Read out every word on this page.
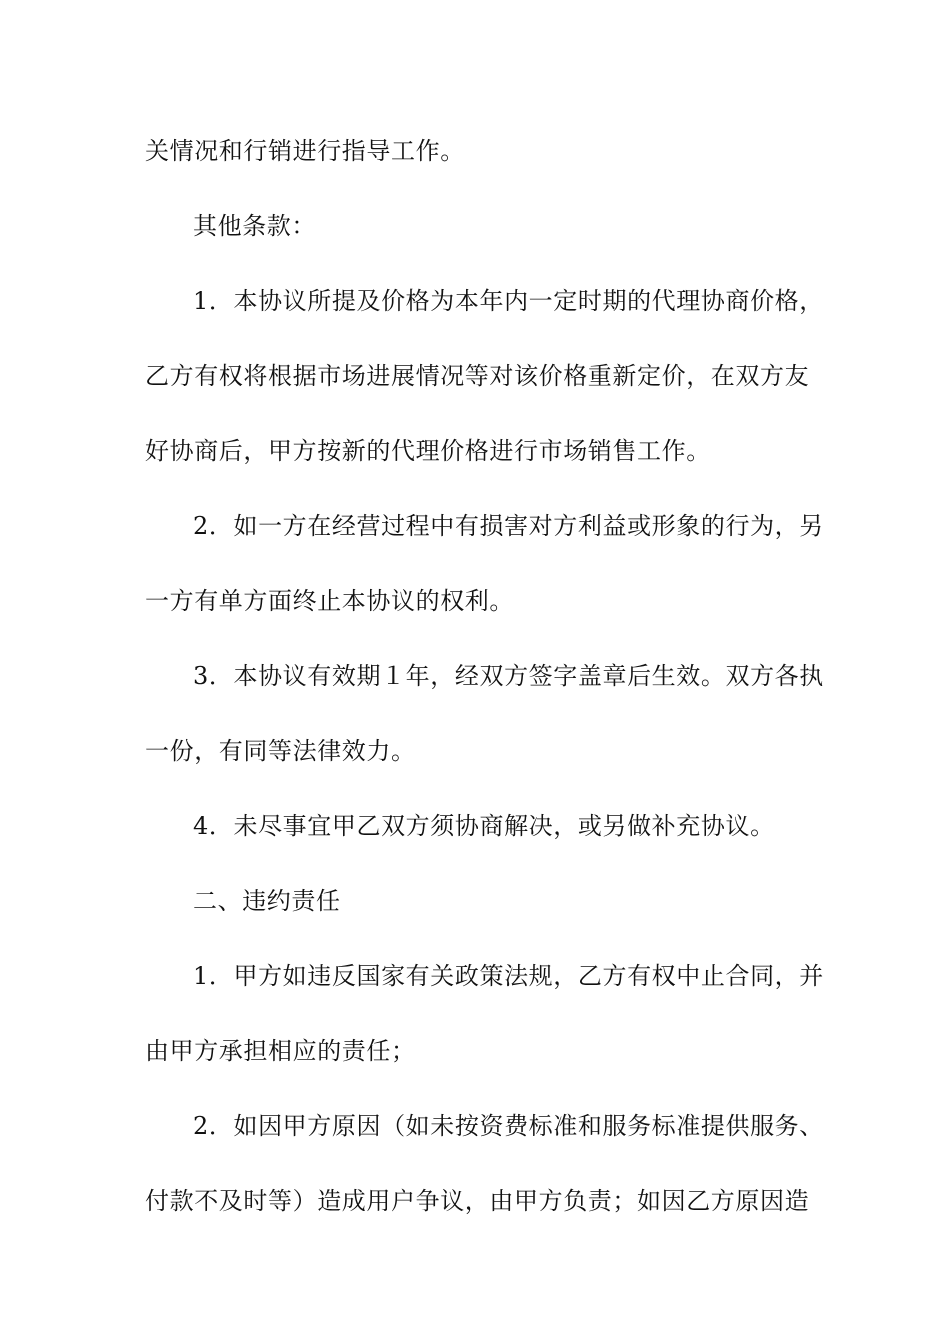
关情况和行销进行指导工作。
其他条款：
1．本协议所提及价格为本年内一定时期的代理协商价格，
乙方有权将根据市场进展情况等对该价格重新定价，在双方友
好协商后，甲方按新的代理价格进行市场销售工作。
2．如一方在经营过程中有损害对方利益或形象的行为，另
一方有单方面终止本协议的权利。
3．本协议有效期１年，经双方签字盖章后生效。双方各执
一份，有同等法律效力。
4．未尽事宜甲乙双方须协商解决，或另做补充协议。
二、违约责任
1．甲方如违反国家有关政策法规，乙方有权中止合同，并
由甲方承担相应的责任；
2．如因甲方原因（如未按资费标准和服务标准提供服务、
付款不及时等）造成用户争议，由甲方负责；如因乙方原因造
